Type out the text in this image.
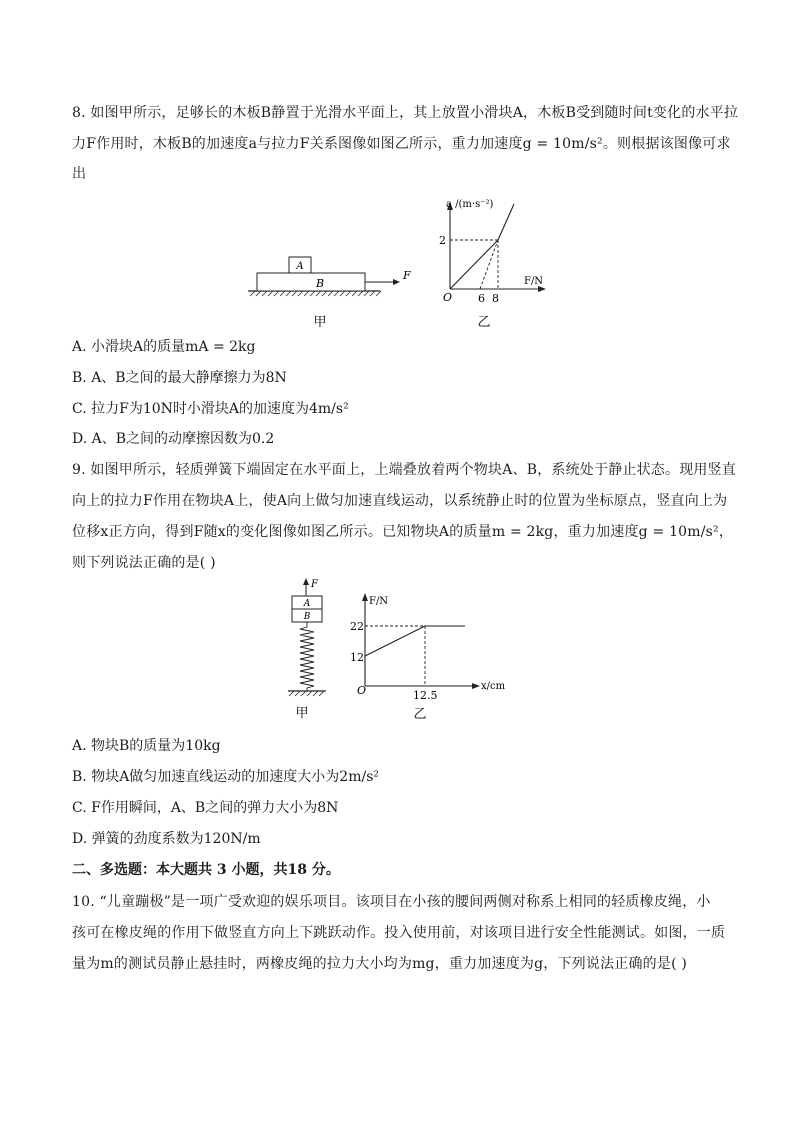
8. 如图甲所示，足够长的木板B静置于光滑水平面上，其上放置小滑块A，木板B受到随时间t变化的水平拉
力F作用时，木板B的加速度a与拉力F关系图像如图乙所示，重力加速度g = 10m/s²。则根据该图像可求
出
B
A
F
甲
a /(m·s⁻²)
F/N
O
2
6 8
乙
A. 小滑块A的质量mA = 2kg
B. A、B之间的最大静摩擦力为8N
C. 拉力F为10N时小滑块A的加速度为4m/s²
D. A、B之间的动摩擦因数为0.2
9. 如图甲所示，轻质弹簧下端固定在水平面上，上端叠放着两个物块A、B，系统处于静止状态。现用竖直
向上的拉力F作用在物块A上，使A向上做匀加速直线运动，以系统静止时的位置为坐标原点，竖直向上为
位移x正方向，得到F随x的变化图像如图乙所示。已知物块A的质量m = 2kg，重力加速度g = 10m/s²，
则下列说法正确的是( )
F
A
B
甲
F/N
x/cm
O
22
12
12.5
乙
A. 物块B的质量为10kg
B. 物块A做匀加速直线运动的加速度大小为2m/s²
C. F作用瞬间，A、B之间的弹力大小为8N
D. 弹簧的劲度系数为120N/m
二、多选题：本大题共 3 小题，共18 分。
10. “儿童蹦极”是一项广受欢迎的娱乐项目。该项目在小孩的腰间两侧对称系上相同的轻质橡皮绳，小
孩可在橡皮绳的作用下做竖直方向上下跳跃动作。投入使用前，对该项目进行安全性能测试。如图，一质
量为m的测试员静止悬挂时，两橡皮绳的拉力大小均为mg，重力加速度为g，下列说法正确的是( )
